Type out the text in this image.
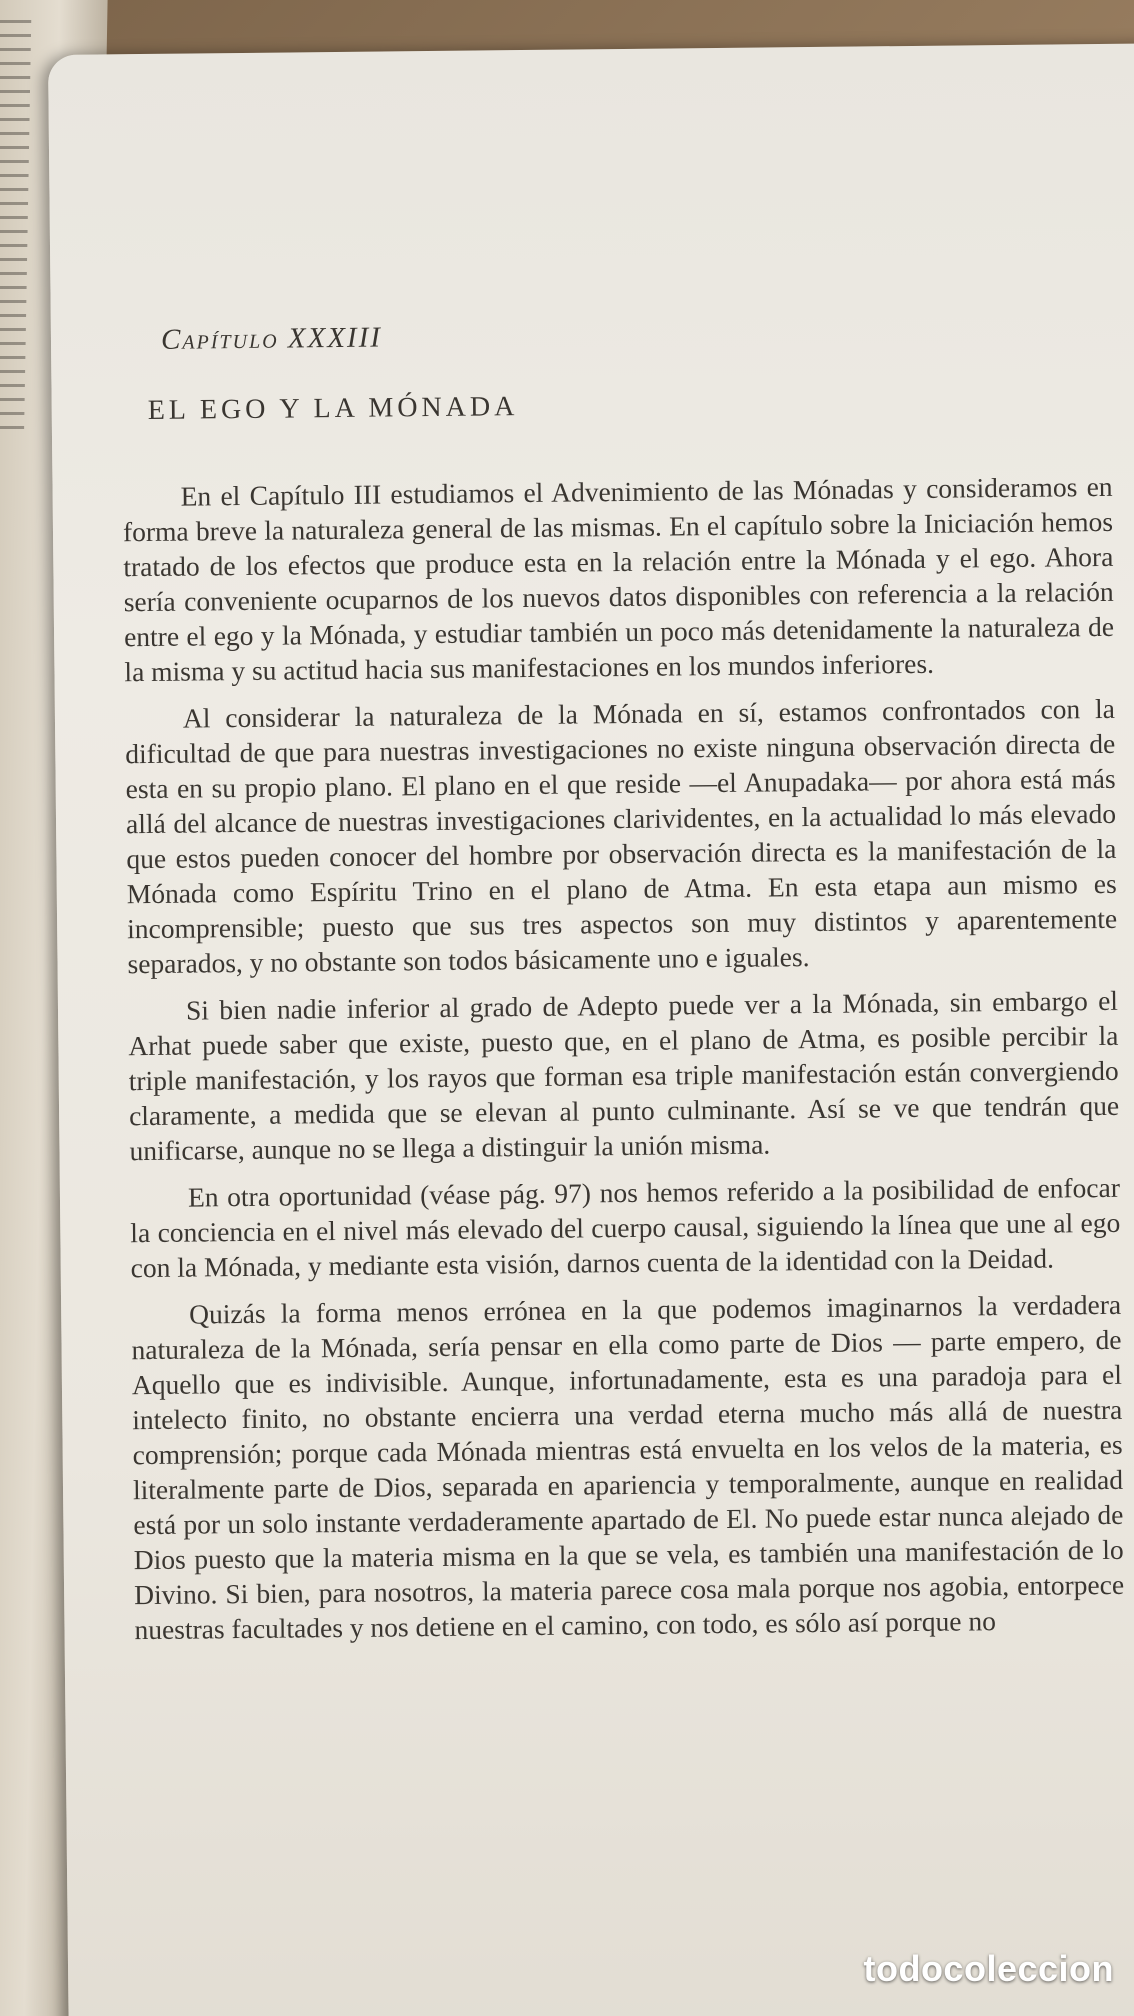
Capítulo XXXIII
EL EGO Y LA MÓNADA

En el Capítulo III estudiamos el Advenimiento de las Mónadas y consideramos en forma breve la naturaleza general de las mismas. En el capítulo sobre la Iniciación hemos tratado de los efectos que produce esta en la relación entre la Mónada y el ego. Ahora sería conveniente ocuparnos de los nuevos datos disponibles con referencia a la relación entre el ego y la Mónada, y estudiar también un poco más detenidamente la naturaleza de la misma y su actitud hacia sus manifestaciones en los mundos inferiores.

Al considerar la naturaleza de la Mónada en sí, estamos confrontados con la dificultad de que para nuestras investigaciones no existe ninguna observación directa de esta en su propio plano. El plano en el que reside —el Anupadaka— por ahora está más allá del alcance de nuestras investigaciones clarividentes, en la actualidad lo más elevado que estos pueden conocer del hombre por observación directa es la manifestación de la Mónada como Espíritu Trino en el plano de Atma. En esta etapa aun mismo es incomprensible; puesto que sus tres aspectos son muy distintos y aparentemente separados, y no obstante son todos básicamente uno e iguales.

Si bien nadie inferior al grado de Adepto puede ver a la Mónada, sin embargo el Arhat puede saber que existe, puesto que, en el plano de Atma, es posible percibir la triple manifestación, y los rayos que forman esa triple manifestación están convergiendo claramente, a medida que se elevan al punto culminante. Así se ve que tendrán que unificarse, aunque no se llega a distinguir la unión misma.

En otra oportunidad (véase pág. 97) nos hemos referido a la posibilidad de enfocar la conciencia en el nivel más elevado del cuerpo causal, siguiendo la línea que une al ego con la Mónada, y mediante esta visión, darnos cuenta de la identidad con la Deidad.

Quizás la forma menos errónea en la que podemos imaginarnos la verdadera naturaleza de la Mónada, sería pensar en ella como parte de Dios — parte empero, de Aquello que es indivisible. Aunque, infortunadamente, esta es una paradoja para el intelecto finito, no obstante encierra una verdad eterna mucho más allá de nuestra comprensión; porque cada Mónada mientras está envuelta en los velos de la materia, es literalmente parte de Dios, separada en apariencia y temporalmente, aunque en realidad está por un solo instante verdaderamente apartado de El. No puede estar nunca alejado de Dios puesto que la materia misma en la que se vela, es también una manifestación de lo Divino. Si bien, para nosotros, la materia parece cosa mala porque nos agobia, entorpece nuestras facultades y nos detiene en el camino, con todo, es sólo así porque no

todocoleccion
